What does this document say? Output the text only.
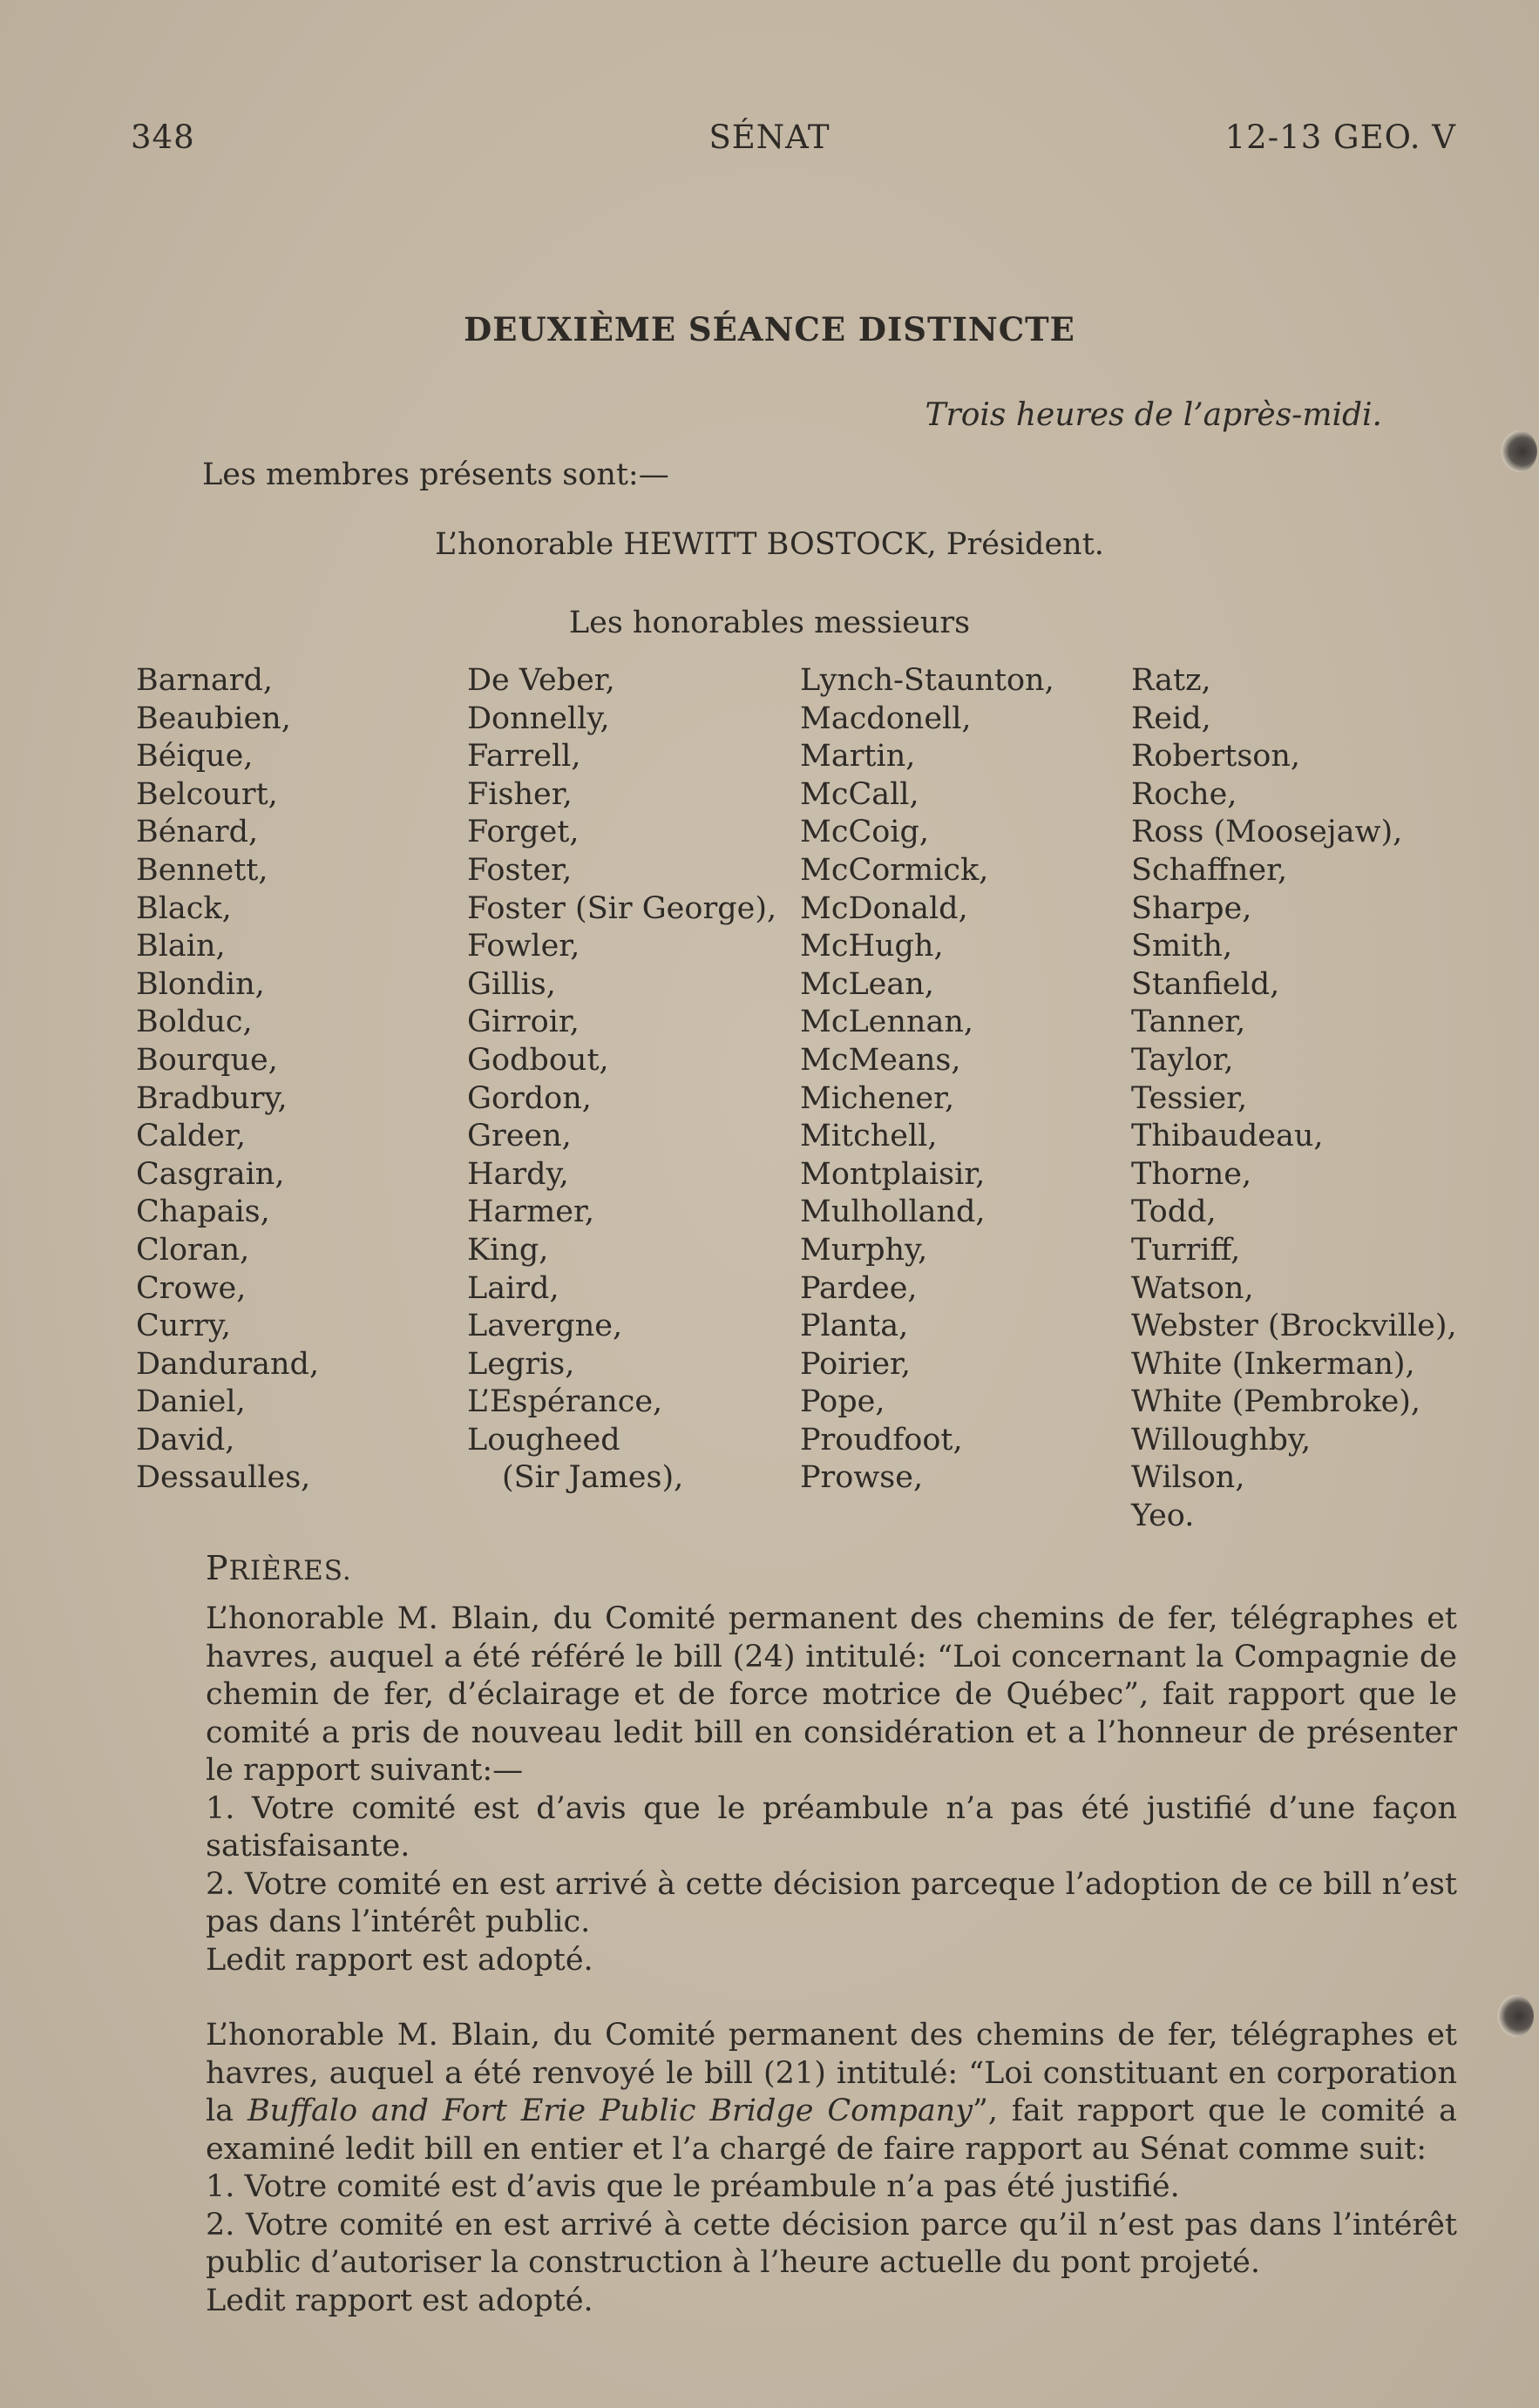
348	SÉNAT	12-13 GEO. V
DEUXIÈME SÉANCE DISTINCTE
Trois heures de l’après-midi.
Les membres présents sont:—
L’honorable HEWITT BOSTOCK, Président.
Les honorables messieurs
Barnard,
Beaubien,
Béique,
Belcourt,
Bénard,
Bennett,
Black,
Blain,
Blondin,
Bolduc,
Bourque,
Bradbury,
Calder,
Casgrain,
Chapais,
Cloran,
Crowe,
Curry,
Dandurand,
Daniel,
David,
Dessaulles,
De Veber,
Donnelly,
Farrell,
Fisher,
Forget,
Foster,
Foster (Sir George),
Fowler,
Gillis,
Girroir,
Godbout,
Gordon,
Green,
Hardy,
Harmer,
King,
Laird,
Lavergne,
Legris,
L’Espérance,
Lougheed
(Sir James),
Lynch-Staunton,
Macdonell,
Martin,
McCall,
McCoig,
McCormick,
McDonald,
McHugh,
McLean,
McLennan,
McMeans,
Michener,
Mitchell,
Montplaisir,
Mulholland,
Murphy,
Pardee,
Planta,
Poirier,
Pope,
Proudfoot,
Prowse,
Ratz,
Reid,
Robertson,
Roche,
Ross (Moosejaw),
Schaffner,
Sharpe,
Smith,
Stanfield,
Tanner,
Taylor,
Tessier,
Thibaudeau,
Thorne,
Todd,
Turriff,
Watson,
Webster (Brockville),
White (Inkerman),
White (Pembroke),
Willoughby,
Wilson,
Yeo.
PRIÈRES.
L’honorable M. Blain, du Comité permanent des chemins de fer, télégraphes et havres, auquel a été référé le bill (24) intitulé: “Loi concernant la Compagnie de chemin de fer, d’éclairage et de force motrice de Québec”, fait rapport que le comité a pris de nouveau ledit bill en considération et a l’honneur de présenter le rapport suivant:—
1. Votre comité est d’avis que le préambule n’a pas été justifié d’une façon satisfaisante.
2. Votre comité en est arrivé à cette décision parceque l’adoption de ce bill n’est pas dans l’intérêt public.
Ledit rapport est adopté.
L’honorable M. Blain, du Comité permanent des chemins de fer, télégraphes et havres, auquel a été renvoyé le bill (21) intitulé: “Loi constituant en corporation la Buffalo and Fort Erie Public Bridge Company”, fait rapport que le comité a examiné ledit bill en entier et l’a chargé de faire rapport au Sénat comme suit:
1. Votre comité est d’avis que le préambule n’a pas été justifié.
2. Votre comité en est arrivé à cette décision parce qu’il n’est pas dans l’intérêt public d’autoriser la construction à l’heure actuelle du pont projeté.
Ledit rapport est adopté.
